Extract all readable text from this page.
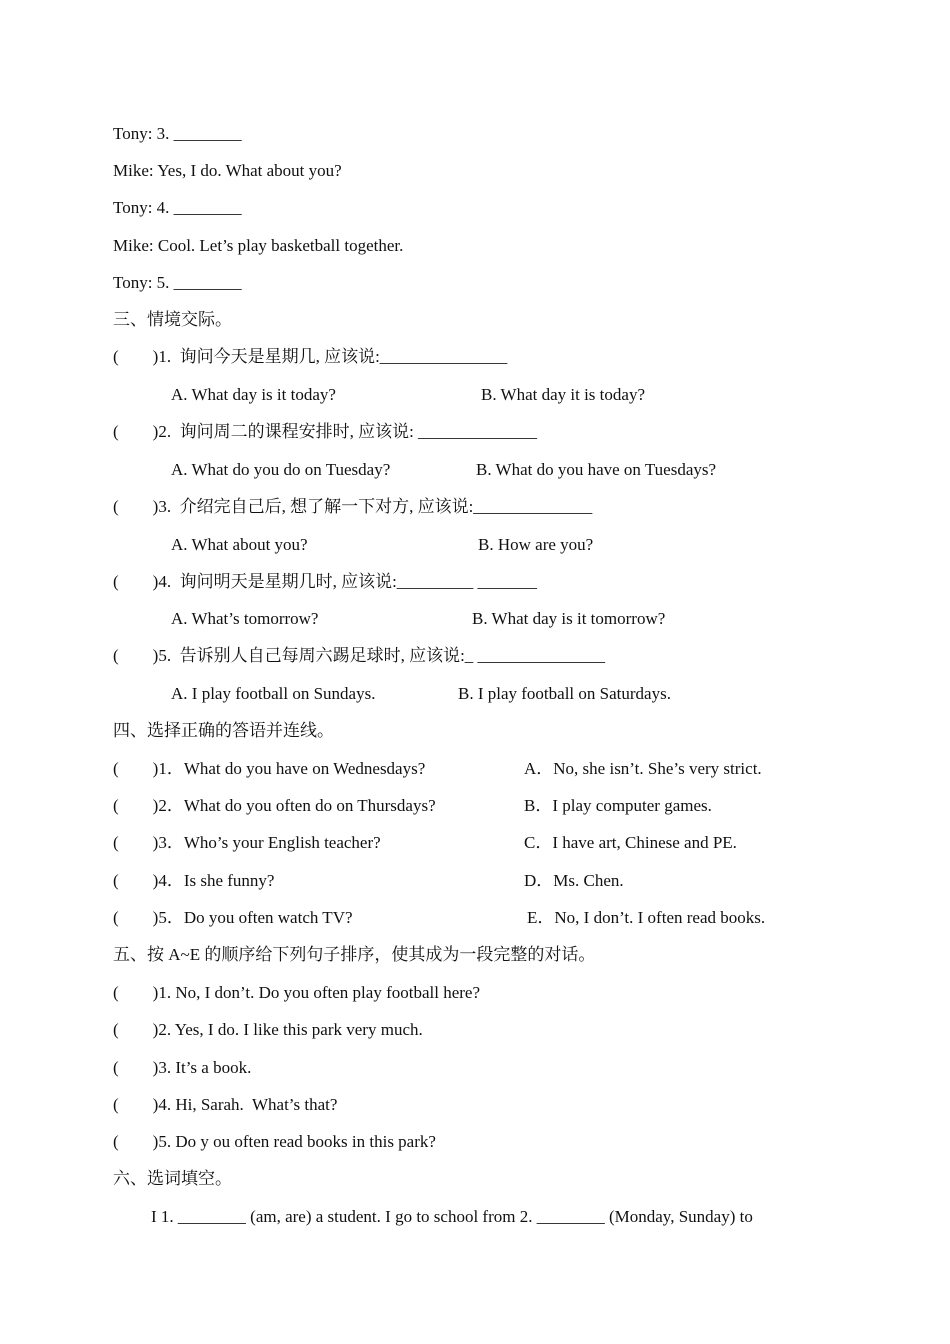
Tony: 3. ________
Mike: Yes, I do. What about you?
Tony: 4. ________
Mike: Cool. Let’s play basketball together.
Tony: 5. ________
三、情境交际。
(        )1.  询问今天是星期几, 应该说:_______________
A. What day is it today?	B. What day it is today?
(        )2.  询问周二的课程安排时, 应该说: ______________
A. What do you do on Tuesday?	B. What do you have on Tuesdays?
(        )3.  介绍完自己后, 想了解一下对方, 应该说:______________
A. What about you?	B. How are you?
(        )4.  询问明天是星期几时, 应该说:_________ _______
A. What’s tomorrow?	B. What day is it tomorrow?
(        )5.  告诉别人自己每周六踢足球时, 应该说:_ _______________
A. I play football on Sundays.	B. I play football on Saturdays.
四、选择正确的答语并连线。
(        )1．What do you have on Wednesdays?	A．No, she isn’t. She’s very strict.
(        )2．What do you often do on Thursdays?	B．I play computer games.
(        )3．Who’s your English teacher?	C．I have art, Chinese and PE.
(        )4．Is she funny?	D．Ms. Chen.
(        )5．Do you often watch TV?	E．No, I don’t. I often read books.
五、按 A~E 的顺序给下列句子排序，使其成为一段完整的对话。
(        )1. No, I don’t. Do you often play football here?
(        )2. Yes, I do. I like this park very much.
(        )3. It’s a book.
(        )4. Hi, Sarah.  What’s that?
(        )5. Do y ou often read books in this park?
六、选词填空。
I 1. ________ (am, are) a student. I go to school from 2. ________ (Monday, Sunday) to
